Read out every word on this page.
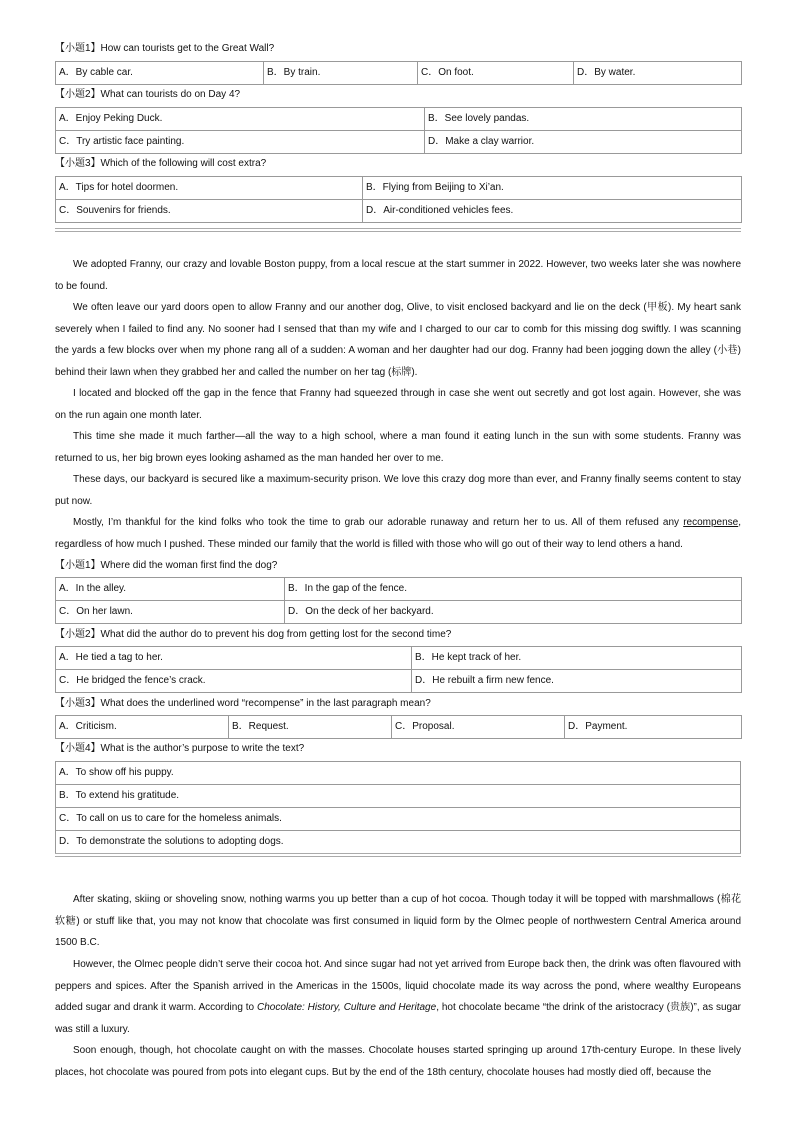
【小题1】How can tourists get to the Great Wall?
A．By cable car.	B．By train.	C．On foot.	D．By water.
【小题2】What can tourists do on Day 4?
A．Enjoy Peking Duck.	B．See lovely pandas.
C．Try artistic face painting.	D．Make a clay warrior.
【小题3】Which of the following will cost extra?
A．Tips for hotel doormen.	B．Flying from Beijing to Xi’an.
C．Souvenirs for friends.	D．Air-conditioned vehicles fees.

We adopted Franny, our crazy and lovable Boston puppy, from a local rescue at the start summer in 2022. However, two weeks later she was nowhere to be found.

We often leave our yard doors open to allow Franny and our another dog, Olive, to visit enclosed backyard and lie on the deck (甲板). My heart sank severely when I failed to find any. No sooner had I sensed that than my wife and I charged to our car to comb for this missing dog swiftly. I was scanning the yards a few blocks over when my phone rang all of a sudden: A woman and her daughter had our dog. Franny had been jogging down the alley (小巷) behind their lawn when they grabbed her and called the number on her tag (标牌).

I located and blocked off the gap in the fence that Franny had squeezed through in case she went out secretly and got lost again. However, she was on the run again one month later.

This time she made it much farther—all the way to a high school, where a man found it eating lunch in the sun with some students. Franny was returned to us, her big brown eyes looking ashamed as the man handed her over to me.

These days, our backyard is secured like a maximum-security prison. We love this crazy dog more than ever, and Franny finally seems content to stay put now.

Mostly, I’m thankful for the kind folks who took the time to grab our adorable runaway and return her to us. All of them refused any recompense, regardless of how much I pushed. These minded our family that the world is filled with those who will go out of their way to lend others a hand.

【小题1】Where did the woman first find the dog?
A．In the alley.	B．In the gap of the fence.
C．On her lawn.	D．On the deck of her backyard.
【小题2】What did the author do to prevent his dog from getting lost for the second time?
A．He tied a tag to her.	B．He kept track of her.
C．He bridged the fence’s crack.	D．He rebuilt a firm new fence.
【小题3】What does the underlined word “recompense” in the last paragraph mean?
A．Criticism.	B．Request.	C．Proposal.	D．Payment.
【小题4】What is the author’s purpose to write the text?
A．To show off his puppy.
B．To extend his gratitude.
C．To call on us to care for the homeless animals.
D．To demonstrate the solutions to adopting dogs.

After skating, skiing or shoveling snow, nothing warms you up better than a cup of hot cocoa. Though today it will be topped with marshmallows (棉花软糖) or stuff like that, you may not know that chocolate was first consumed in liquid form by the Olmec people of northwestern Central America around 1500 B.C.

However, the Olmec people didn’t serve their cocoa hot. And since sugar had not yet arrived from Europe back then, the drink was often flavoured with peppers and spices. After the Spanish arrived in the Americas in the 1500s, liquid chocolate made its way across the pond, where wealthy Europeans added sugar and drank it warm. According to Chocolate: History, Culture and Heritage, hot chocolate became “the drink of the aristocracy (贵族)”, as sugar was still a luxury.

Soon enough, though, hot chocolate caught on with the masses. Chocolate houses started springing up around 17th-century Europe. In these lively places, hot chocolate was poured from pots into elegant cups. But by the end of the 18th century, chocolate houses had mostly died off, because the
